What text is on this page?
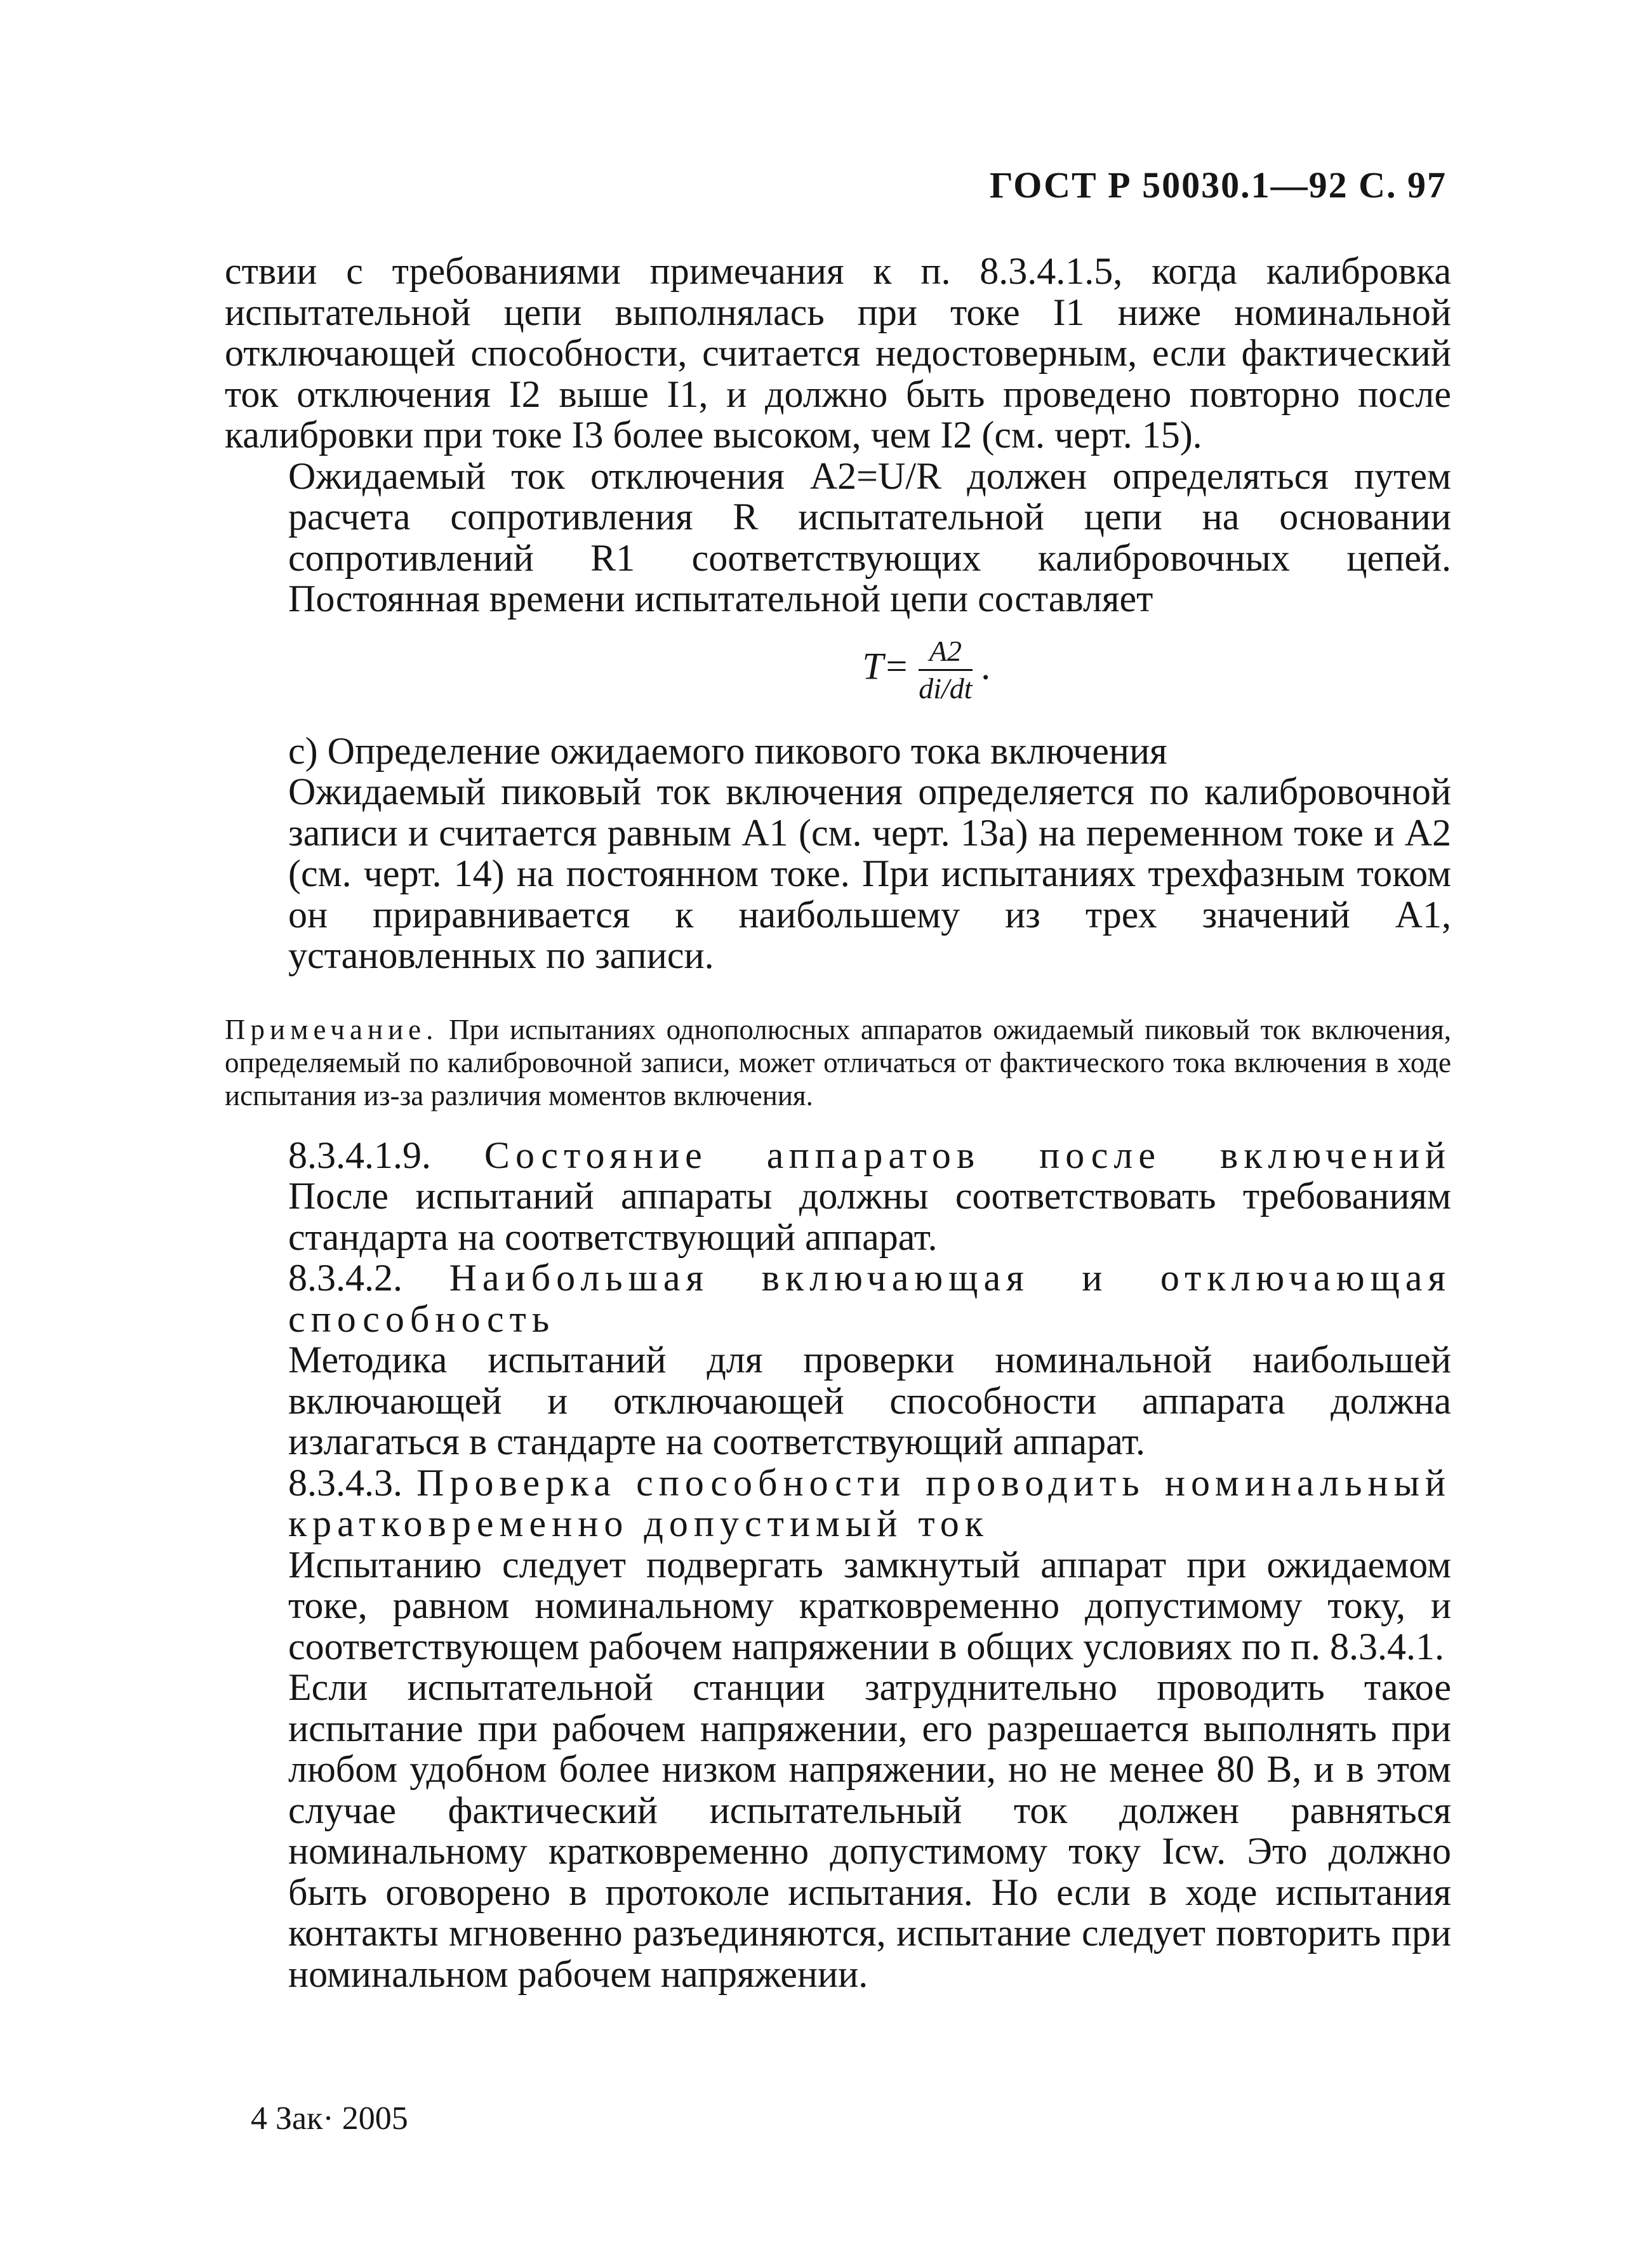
ГОСТ Р 50030.1—92 С. 97

ствии с требованиями примечания к п. 8.3.4.1.5, когда калибровка испытательной цепи выполнялась при токе I1 ниже номинальной отключающей способности, считается недостоверным, если фактический ток отключения I2 выше I1, и должно быть проведено повторно после калибровки при токе I3 более высоком, чем I2 (см. черт. 15).

Ожидаемый ток отключения A2=U/R должен определяться путем расчета сопротивления R испытательной цепи на основании сопротивлений R1 соответствующих калибровочных цепей. Постоянная времени испытательной цепи составляет

$T= \frac{A2}{di/dt}$ .

с) Определение ожидаемого пикового тока включения

Ожидаемый пиковый ток включения определяется по калибровочной записи и считается равным A1 (см. черт. 13а) на переменном токе и A2 (см. черт. 14) на постоянном токе. При испытаниях трехфазным током он приравнивается к наибольшему из трех значений A1, установленных по записи.

Примечание. При испытаниях однополюсных аппаратов ожидаемый пиковый ток включения, определяемый по калибровочной записи, может отличаться от фактического тока включения в ходе испытания из-за различия моментов включения.

8.3.4.1.9. Состояние аппаратов после включений

После испытаний аппараты должны соответствовать требованиям стандарта на соответствующий аппарат.

8.3.4.2. Наибольшая включающая и отключающая способность

Методика испытаний для проверки номинальной наибольшей включающей и отключающей способности аппарата должна излагаться в стандарте на соответствующий аппарат.

8.3.4.3. Проверка способности проводить номинальный кратковременно допустимый ток

Испытанию следует подвергать замкнутый аппарат при ожидаемом токе, равном номинальному кратковременно допустимому току, и соответствующем рабочем напряжении в общих условиях по п. 8.3.4.1.

Если испытательной станции затруднительно проводить такое испытание при рабочем напряжении, его разрешается выполнять при любом удобном более низком напряжении, но не менее 80 В, и в этом случае фактический испытательный ток должен равняться номинальному кратковременно допустимому току Icw. Это должно быть оговорено в протоколе испытания. Но если в ходе испытания контакты мгновенно разъединяются, испытание следует повторить при номинальном рабочем напряжении.

4 Зак· 2005
